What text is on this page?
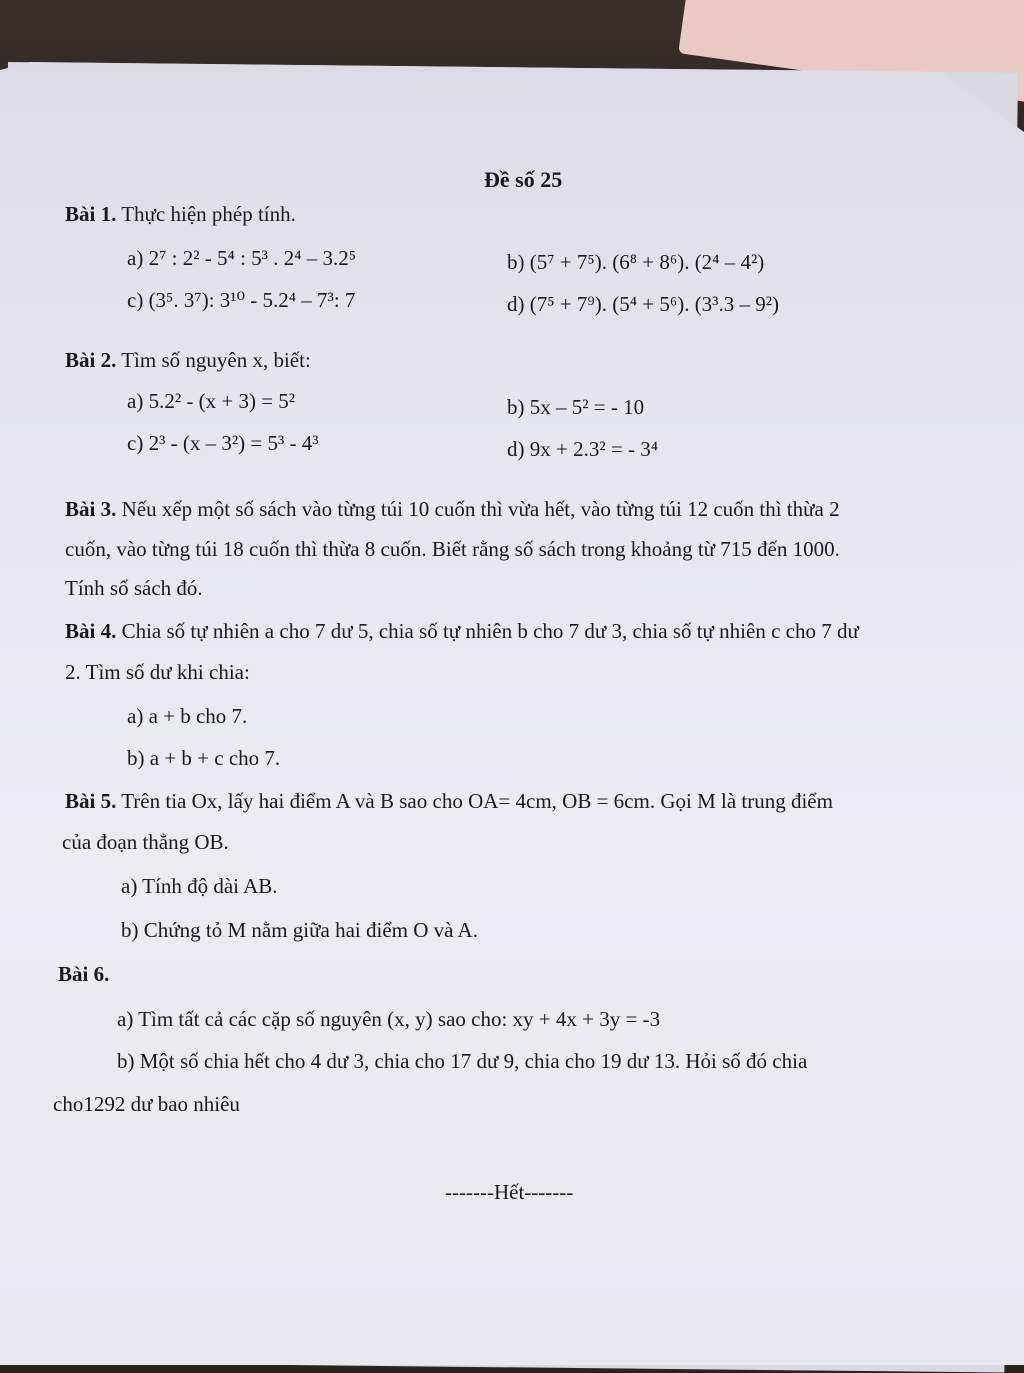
Đề số 25
Bài 1. Thực hiện phép tính.
a) 2⁷ : 2² - 5⁴ : 5³ . 2⁴ – 3.2⁵	b) (5⁷ + 7⁵). (6⁸ + 8⁶). (2⁴ – 4²)
c) (3⁵. 3⁷): 3¹⁰ - 5.2⁴ – 7³: 7	d) (7⁵ + 7⁹). (5⁴ + 5⁶). (3³.3 – 9²)
Bài 2. Tìm số nguyên x, biết:
a) 5.2² - (x + 3) = 5²	b) 5x – 5² = - 10
c) 2³ - (x – 3²) = 5³ - 4³	d) 9x + 2.3² = - 3⁴
Bài 3. Nếu xếp một số sách vào từng túi 10 cuốn thì vừa hết, vào từng túi 12 cuốn thì thừa 2
cuốn, vào từng túi 18 cuốn thì thừa 8 cuốn. Biết rằng số sách trong khoảng từ 715 đến 1000.
Tính số sách đó.
Bài 4. Chia số tự nhiên a cho 7 dư 5, chia số tự nhiên b cho 7 dư 3, chia số tự nhiên c cho 7 dư
2. Tìm số dư khi chia:
a) a + b cho 7.
b) a + b + c cho 7.
Bài 5. Trên tia Ox, lấy hai điểm A và B sao cho OA= 4cm, OB = 6cm. Gọi M là trung điểm
của đoạn thẳng OB.
a) Tính độ dài AB.
b) Chứng tỏ M nằm giữa hai điểm O và A.
Bài 6.
a) Tìm tất cả các cặp số nguyên (x, y) sao cho: xy + 4x + 3y = -3
b) Một số chia hết cho 4 dư 3, chia cho 17 dư 9, chia cho 19 dư 13. Hỏi số đó chia
cho1292 dư bao nhiêu
-------Hết-------
